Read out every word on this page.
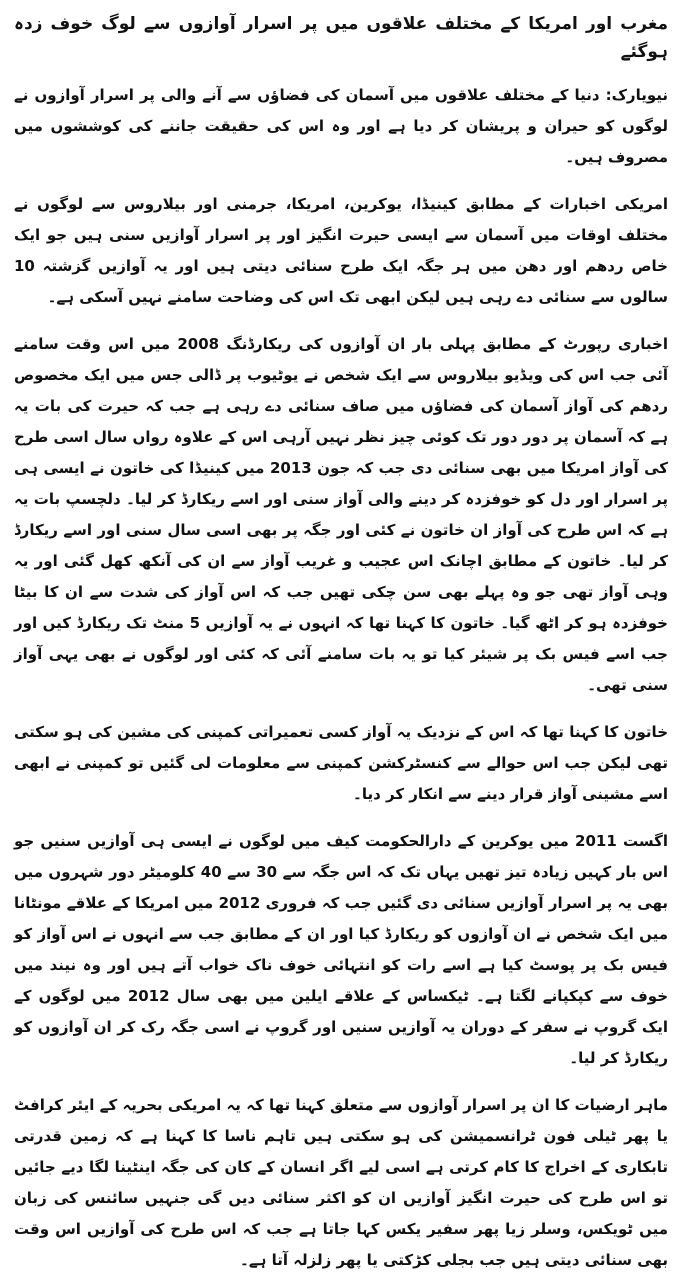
مغرب اور امریکا کے مختلف علاقوں میں پر اسرار آوازوں سے لوگ خوف زدہ ہوگئے

نیویارک: دنیا کے مختلف علاقوں میں آسمان کی فضاؤں سے آنے والی پر اسرار آوازوں نے لوگوں کو حیران و پریشان کر دیا ہے اور وہ اس کی حقیقت جاننے کی کوششوں میں مصروف ہیں۔

امریکی اخبارات کے مطابق کینیڈا، یوکرین، امریکا، جرمنی اور بیلاروس سے لوگوں نے مختلف اوقات میں آسمان سے ایسی حیرت انگیز اور پر اسرار آوازیں سنی ہیں جو ایک خاص ردھم اور دھن میں ہر جگہ ایک طرح سنائی دیتی ہیں اور یہ آوازیں گزشتہ 10 سالوں سے سنائی دے رہی ہیں لیکن ابھی تک اس کی وضاحت سامنے نہیں آسکی ہے۔

اخباری رپورٹ کے مطابق پہلی بار ان آوازوں کی ریکارڈنگ 2008 میں اس وقت سامنے آئی جب اس کی ویڈیو بیلاروس سے ایک شخص نے یوٹیوب پر ڈالی جس میں ایک مخصوص ردھم کی آواز آسمان کی فضاؤں میں صاف سنائی دے رہی ہے جب کہ حیرت کی بات یہ ہے کہ آسمان پر دور دور تک کوئی چیز نظر نہیں آرہی اس کے علاوہ رواں سال اسی طرح کی آواز امریکا میں بھی سنائی دی جب کہ جون 2013 میں کینیڈا کی خاتون نے ایسی ہی پر اسرار اور دل کو خوفزدہ کر دینے والی آواز سنی اور اسے ریکارڈ کر لیا۔ دلچسپ بات یہ ہے کہ اس طرح کی آواز ان خاتون نے کئی اور جگہ پر بھی اسی سال سنی اور اسے ریکارڈ کر لیا۔ خاتون کے مطابق اچانک اس عجیب و غریب آواز سے ان کی آنکھ کھل گئی اور یہ وہی آواز تھی جو وہ پہلے بھی سن چکی تھیں جب کہ اس آواز کی شدت سے ان کا بیٹا خوفزدہ ہو کر اٹھ گیا۔ خاتون کا کہنا تھا کہ انہوں نے یہ آوازیں 5 منٹ تک ریکارڈ کیں اور جب اسے فیس بک پر شیئر کیا تو یہ بات سامنے آئی کہ کئی اور لوگوں نے بھی یہی آواز سنی تھی۔

خاتون کا کہنا تھا کہ اس کے نزدیک یہ آواز کسی تعمیراتی کمپنی کی مشین کی ہو سکتی تھی لیکن جب اس حوالے سے کنسٹرکشن کمپنی سے معلومات لی گئیں تو کمپنی نے ابھی اسے مشینی آواز قرار دینے سے انکار کر دیا۔

اگست 2011 میں یوکرین کے دارالحکومت کیف میں لوگوں نے ایسی ہی آوازیں سنیں جو اس بار کہیں زیادہ تیز تھیں یہاں تک کہ اس جگہ سے 30 سے 40 کلومیٹر دور شہروں میں بھی یہ پر اسرار آوازیں سنائی دی گئیں جب کہ فروری 2012 میں امریکا کے علاقے مونٹانا میں ایک شخص نے ان آوازوں کو ریکارڈ کیا اور ان کے مطابق جب سے انہوں نے اس آواز کو فیس بک پر پوسٹ کیا ہے اسے رات کو انتہائی خوف ناک خواب آتے ہیں اور وہ نیند میں خوف سے کپکپانے لگتا ہے۔ ٹیکساس کے علاقے ایلین میں بھی سال 2012 میں لوگوں کے ایک گروپ نے سفر کے دوران یہ آوازیں سنیں اور گروپ نے اسی جگہ رک کر ان آوازوں کو ریکارڈ کر لیا۔

ماہر ارضیات کا ان پر اسرار آوازوں سے متعلق کہنا تھا کہ یہ امریکی بحریہ کے ایئر کرافٹ یا پھر ٹیلی فون ٹرانسمیشن کی ہو سکتی ہیں تاہم ناسا کا کہنا ہے کہ زمین قدرتی تابکاری کے اخراج کا کام کرتی ہے اسی لیے اگر انسان کے کان کی جگہ اینٹینا لگا دیے جائیں تو اس طرح کی حیرت انگیز آوازیں ان کو اکثر سنائی دیں گی جنہیں سائنس کی زبان میں ٹویکس، وسلر زیا پھر سفیر یکس کہا جاتا ہے جب کہ اس طرح کی آوازیں اس وقت بھی سنائی دیتی ہیں جب بجلی کڑکتی یا پھر زلزلہ آتا ہے۔
